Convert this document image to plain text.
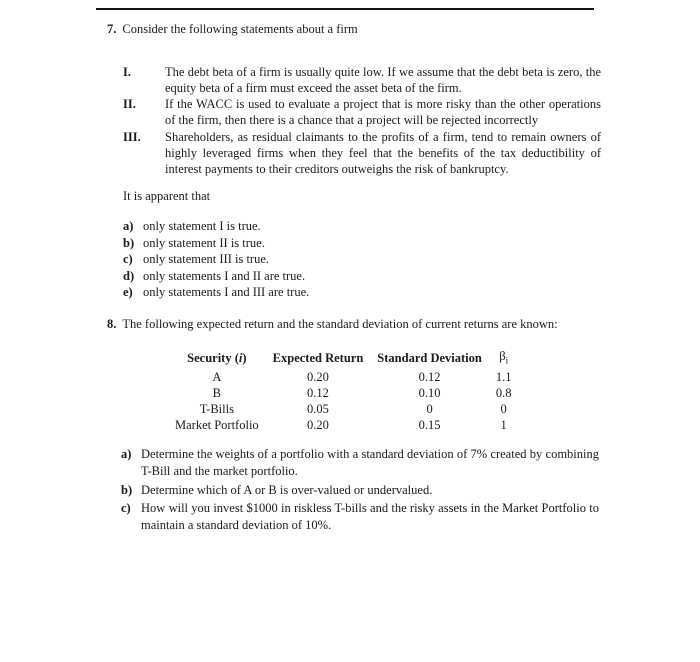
7. Consider the following statements about a firm
I.	The debt beta of a firm is usually quite low. If we assume that the debt beta is zero, the equity beta of a firm must exceed the asset beta of the firm.
II. If the WACC is used to evaluate a project that is more risky than the other operations of the firm, then there is a chance that a project will be rejected incorrectly
III. Shareholders, as residual claimants to the profits of a firm, tend to remain owners of highly leveraged firms when they feel that the benefits of the tax deductibility of interest payments to their creditors outweighs the risk of bankruptcy.
It is apparent that
a) only statement I is true.
b) only statement II is true.
c) only statement III is true.
d) only statements I and II are true.
e) only statements I and III are true.
8. The following expected return and the standard deviation of current returns are known:
Security (i)	Expected Return	Standard Deviation	$\beta_i$
A	0.20	0.12	1.1
B	0.12	0.10	0.8
T-Bills	0.05	0	0
Market Portfolio	0.20	0.15	1
a) Determine the weights of a portfolio with a standard deviation of 7% created by combining T-Bill and the market portfolio.
b) Determine which of A or B is over-valued or undervalued.
c) How will you invest $1000 in riskless T-bills and the risky assets in the Market Portfolio to maintain a standard deviation of 10%.
